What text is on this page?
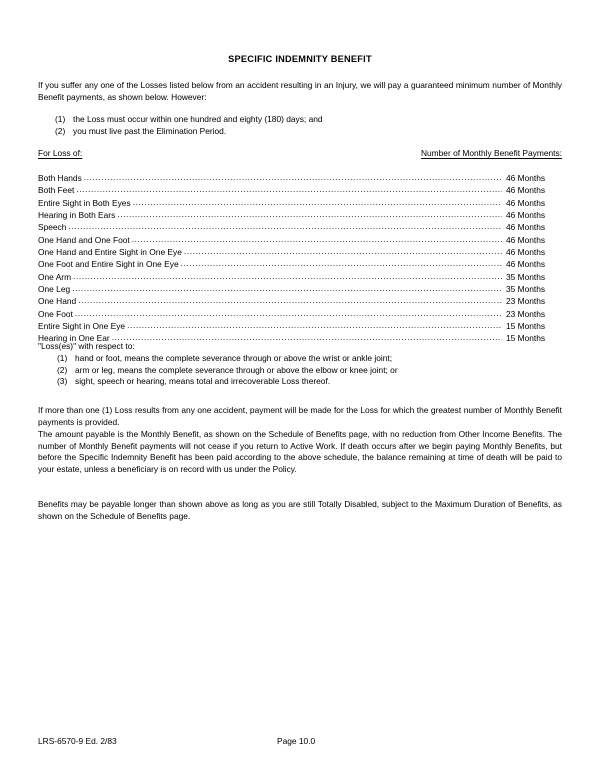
SPECIFIC INDEMNITY BENEFIT
If you suffer any one of the Losses listed below from an accident resulting in an Injury, we will pay a guaranteed minimum number of Monthly Benefit payments, as shown below. However:
(1) the Loss must occur within one hundred and eighty (180) days; and
(2) you must live past the Elimination Period.
For Loss of:	Number of Monthly Benefit Payments:
Both Hands .....	46 Months
Both Feet .....	46 Months
Entire Sight in Both Eyes .....	46 Months
Hearing in Both Ears .....	46 Months
Speech .....	46 Months
One Hand and One Foot .....	46 Months
One Hand and Entire Sight in One Eye .....	46 Months
One Foot and Entire Sight in One Eye .....	46 Months
One Arm .....	35 Months
One Leg .....	35 Months
One Hand .....	23 Months
One Foot .....	23 Months
Entire Sight in One Eye .....	15 Months
Hearing in One Ear .....	15 Months
"Loss(es)" with respect to:
(1) hand or foot, means the complete severance through or above the wrist or ankle joint;
(2) arm or leg, means the complete severance through or above the elbow or knee joint; or
(3) sight, speech or hearing, means total and irrecoverable Loss thereof.
If more than one (1) Loss results from any one accident, payment will be made for the Loss for which the greatest number of Monthly Benefit payments is provided.
The amount payable is the Monthly Benefit, as shown on the Schedule of Benefits page, with no reduction from Other Income Benefits. The number of Monthly Benefit payments will not cease if you return to Active Work. If death occurs after we begin paying Monthly Benefits, but before the Specific Indemnity Benefit has been paid according to the above schedule, the balance remaining at time of death will be paid to your estate, unless a beneficiary is on record with us under the Policy.
Benefits may be payable longer than shown above as long as you are still Totally Disabled, subject to the Maximum Duration of Benefits, as shown on the Schedule of Benefits page.
LRS-6570-9 Ed. 2/83	Page 10.0
